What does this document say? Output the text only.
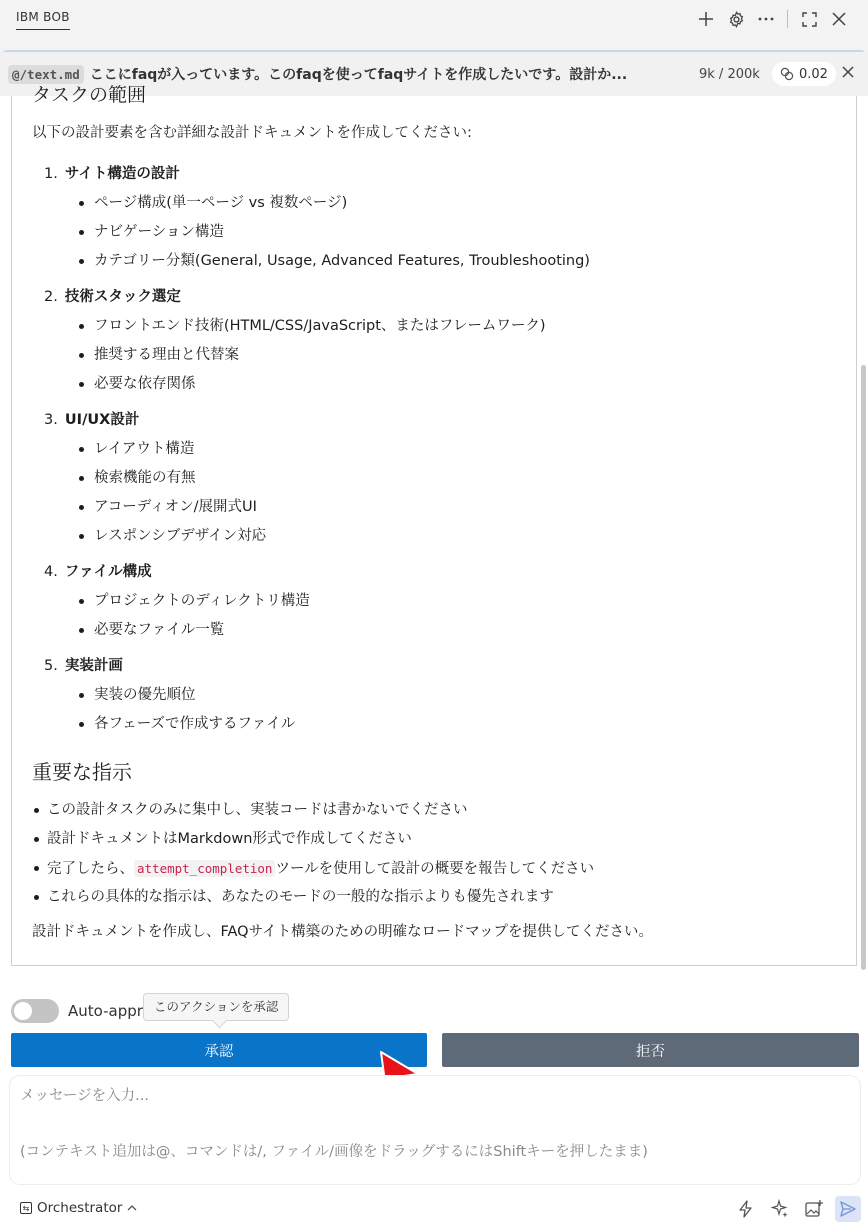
IBM BOB
@/text.md ここにfaqが入っています。このfaqを使ってfaqサイトを作成したいです。設計か...	9k / 200k	0.02
タスクの範囲
以下の設計要素を含む詳細な設計ドキュメントを作成してください:
1. サイト構造の設計
ページ構成(単一ページ vs 複数ページ)
ナビゲーション構造
カテゴリー分類(General, Usage, Advanced Features, Troubleshooting)
2. 技術スタック選定
フロントエンド技術(HTML/CSS/JavaScript、またはフレームワーク)
推奨する理由と代替案
必要な依存関係
3. UI/UX設計
レイアウト構造
検索機能の有無
アコーディオン/展開式UI
レスポンシブデザイン対応
4. ファイル構成
プロジェクトのディレクトリ構造
必要なファイル一覧
5. 実装計画
実装の優先順位
各フェーズで作成するファイル
重要な指示
この設計タスクのみに集中し、実装コードは書かないでください
設計ドキュメントはMarkdown形式で作成してください
完了したら、 attempt_completion ツールを使用して設計の概要を報告してください
これらの具体的な指示は、あなたのモードの一般的な指示よりも優先されます
設計ドキュメントを作成し、FAQサイト構築のための明確なロードマップを提供してください。
Auto-appr このアクションを承認
承認	拒否
メッセージを入力...
(コンテキスト追加は@、コマンドは/, ファイル/画像をドラッグするにはShiftキーを押したまま)
⇆ Orchestrator
